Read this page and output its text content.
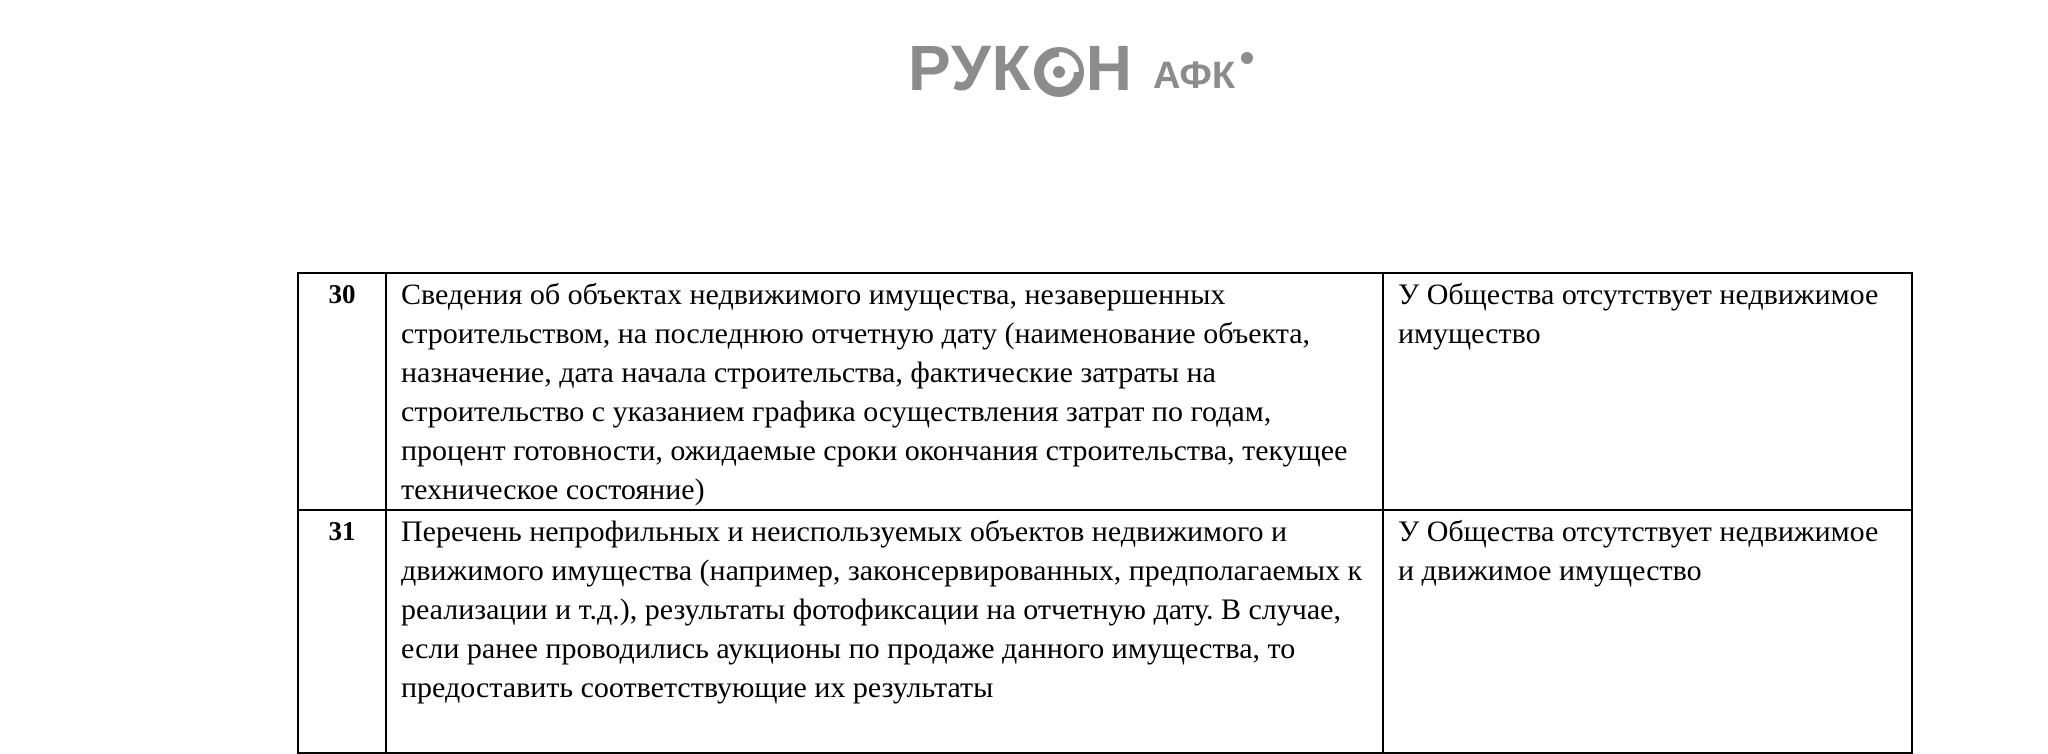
РУК Н АФК
30	Сведения об объектах недвижимого имущества, незавершенных строительством, на последнюю отчетную дату (наименование объекта, назначение, дата начала строительства, фактические затраты на строительство с указанием графика осуществления затрат по годам, процент готовности, ожидаемые сроки окончания строительства, текущее техническое состояние)	У Общества отсутствует недвижимое имущество
31	Перечень непрофильных и неиспользуемых объектов недвижимого и движимого имущества (например, законсервированных, предполагаемых к реализации и т.д.), результаты фотофиксации на отчетную дату. В случае, если ранее проводились аукционы по продаже данного имущества, то предоставить соответствующие их результаты	У Общества отсутствует недвижимое и движимое имущество
